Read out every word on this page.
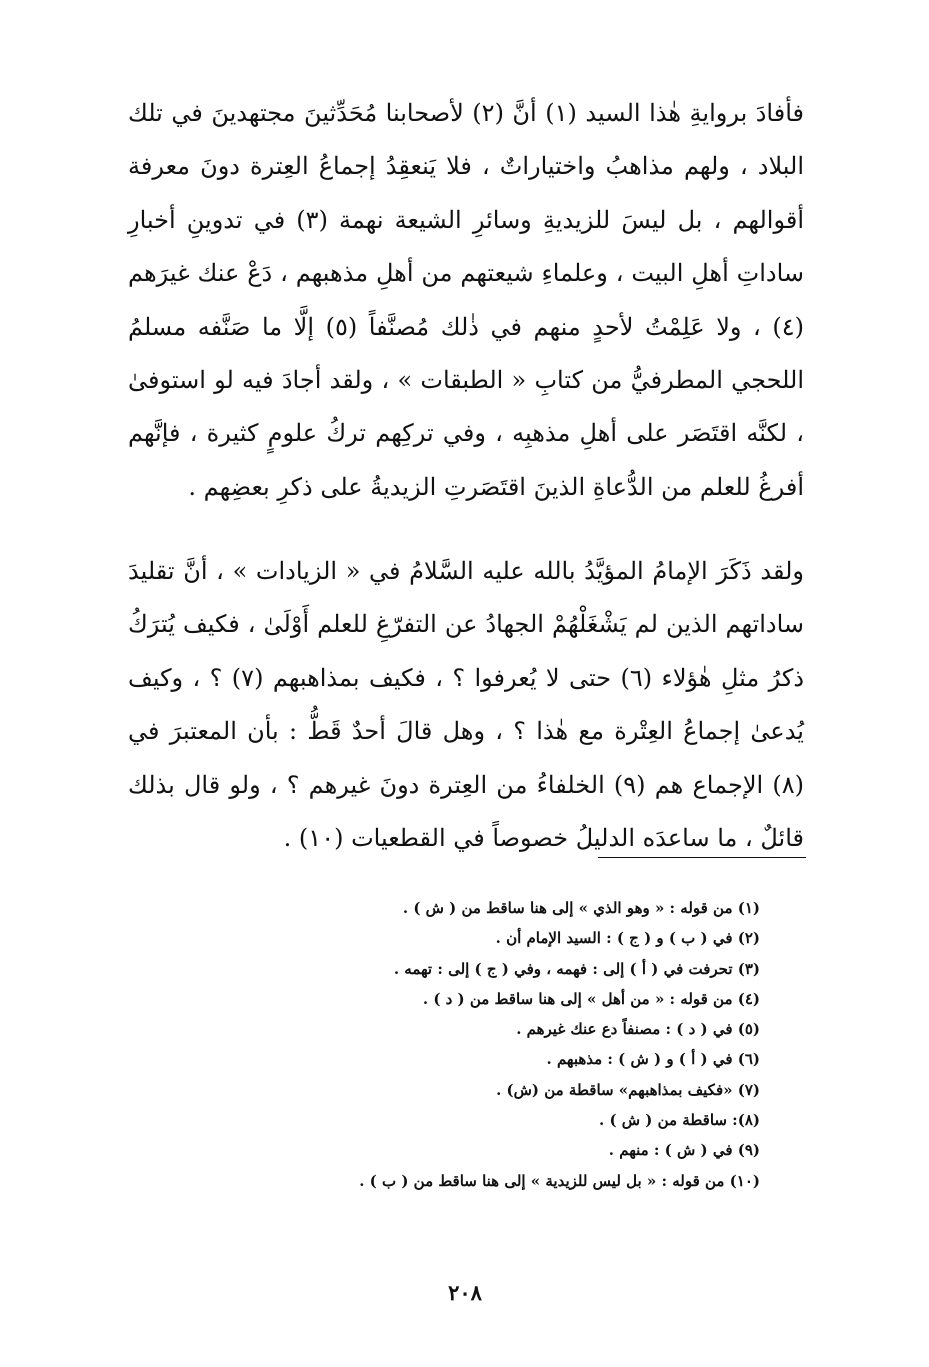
فأفادَ بروايةِ هٰذا السيد (١) أنَّ (٢) لأصحابنا مُحَدِّثينَ مجتهدينَ في تلك البلاد ، ولهم مذاهبُ واختياراتٌ ، فلا يَنعقِدُ إجماعُ العِترة دونَ معرفة أقوالهم ، بل ليسَ للزيديةِ وسائرِ الشيعة نهمة (٣) في تدوينِ أخبارِ ساداتِ أهلِ البيت ، وعلماءِ شيعتهم من أهلِ مذهبهم ، دَعْ عنك غيرَهم (٤) ، ولا عَلِمْتُ لأحدٍ منهم في ذٰلك مُصنَّفاً (٥) إلَّا ما صَنَّفه مسلمُ اللحجي المطرفيُّ من كتابِ « الطبقات » ، ولقد أجادَ فيه لو استوفىٰ ، لكنَّه اقتَصَر على أهلِ مذهبِه ، وفي تركِهم تركُ علومٍ كثيرة ، فإنَّهم أفرغُ للعلم من الدُّعاةِ الذينَ اقتَصَرتِ الزيديةُ على ذكرِ بعضِهم .

ولقد ذَكَرَ الإمامُ المؤيَّدُ بالله عليه السَّلامُ في « الزيادات » ، أنَّ تقليدَ ساداتهم الذين لم يَشْغَلْهُمْ الجهادُ عن التفرّغِ للعلم أَوْلَىٰ ، فكيف يُترَكُ ذكرُ مثلِ هٰؤلاء (٦) حتى لا يُعرفوا ؟ ، فكيف بمذاهبهم (٧) ؟ ، وكيف يُدعىٰ إجماعُ العِتْرة مع هٰذا ؟ ، وهل قالَ أحدٌ قَطُّ : بأن المعتبرَ في (٨) الإجماع هم (٩) الخلفاءُ من العِترة دونَ غيرهم ؟ ، ولو قال بذلك قائلٌ ، ما ساعدَه الدليلُ خصوصاً في القطعيات (١٠) .

(١) من قوله : « وهو الذي » إلى هنا ساقط من ( ش ) .
(٢) في ( ب ) و ( ج ) : السيد الإمام أن .
(٣) تحرفت في ( أ ) إلى : فهمه ، وفي ( ج ) إلى : تهمه .
(٤) من قوله : « من أهل » إلى هنا ساقط من ( د ) .
(٥) في ( د ) : مصنفاً دع عنك غيرهم .
(٦) في ( أ ) و ( ش ) : مذهبهم .
(٧) «فكيف بمذاهبهم» ساقطة من (ش) .
(٨): ساقطة من ( ش ) .
(٩) في ( ش ) : منهم .
(١٠) من قوله : « بل ليس للزيدية » إلى هنا ساقط من ( ب ) .
٢٠٨
